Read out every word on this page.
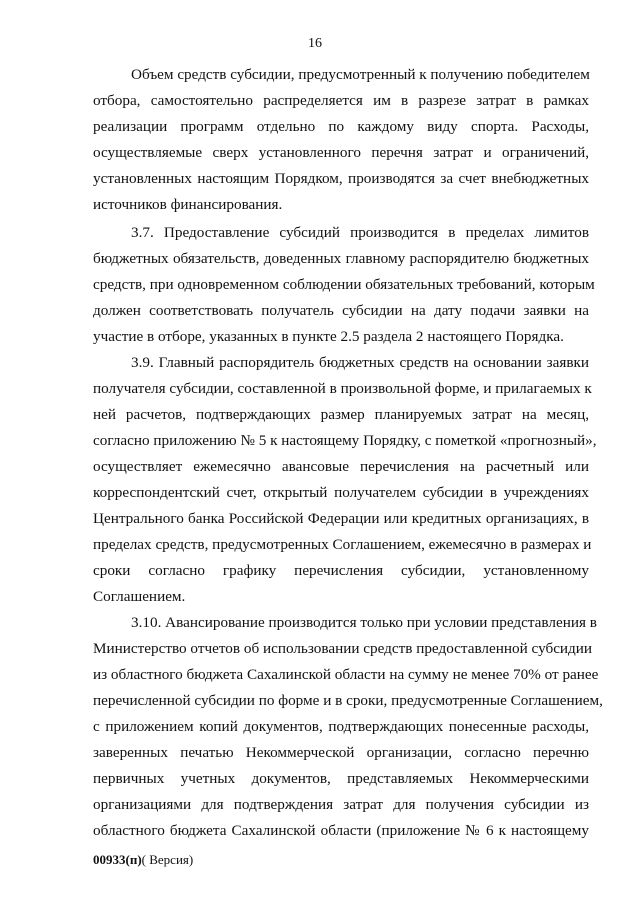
16
Объем средств субсидии, предусмотренный к получению победителем
отбора, самостоятельно распределяется им в разрезе затрат в рамках
реализации программ отдельно по каждому виду спорта. Расходы,
осуществляемые сверх установленного перечня затрат и ограничений,
установленных настоящим Порядком, производятся за счет внебюджетных
источников финансирования.
3.7. Предоставление субсидий производится в пределах лимитов
бюджетных обязательств, доведенных главному распорядителю бюджетных
средств, при одновременном соблюдении обязательных требований, которым
должен соответствовать получатель субсидии на дату подачи заявки на
участие в отборе, указанных в пункте 2.5 раздела 2 настоящего Порядка.
3.9. Главный распорядитель бюджетных средств на основании заявки
получателя субсидии, составленной в произвольной форме, и прилагаемых к
ней расчетов, подтверждающих размер планируемых затрат на месяц,
согласно приложению № 5 к настоящему Порядку, с пометкой «прогнозный»,
осуществляет ежемесячно авансовые перечисления на расчетный или
корреспондентский счет, открытый получателем субсидии в учреждениях
Центрального банка Российской Федерации или кредитных организациях, в
пределах средств, предусмотренных Соглашением, ежемесячно в размерах и
сроки согласно графику перечисления субсидии, установленному
Соглашением.
3.10. Авансирование производится только при условии представления в
Министерство отчетов об использовании средств предоставленной субсидии
из областного бюджета Сахалинской области на сумму не менее 70% от ранее
перечисленной субсидии по форме и в сроки, предусмотренные Соглашением,
с приложением копий документов, подтверждающих понесенные расходы,
заверенных печатью Некоммерческой организации, согласно перечню
первичных учетных документов, представляемых Некоммерческими
организациями для подтверждения затрат для получения субсидии из
областного бюджета Сахалинской области (приложение № 6 к настоящему
00933(п)( Версия)
